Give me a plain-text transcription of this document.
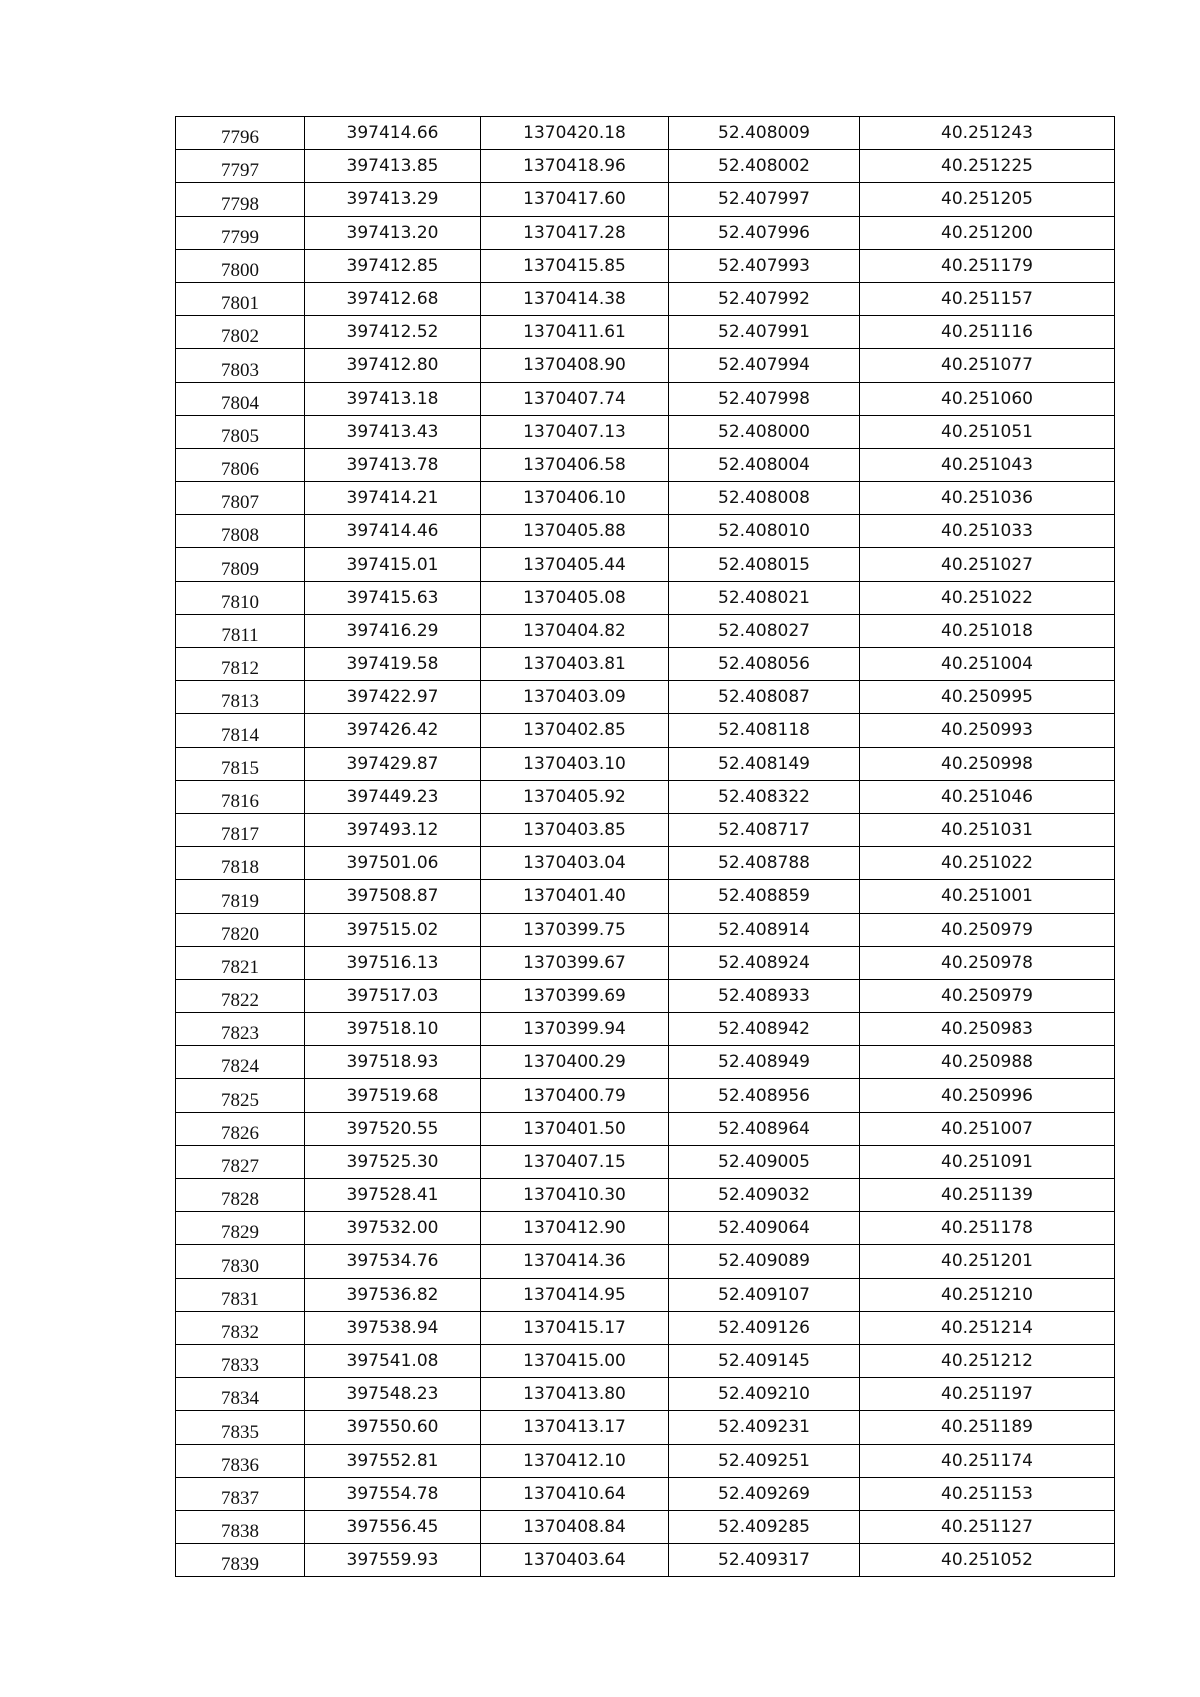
7796	397414.66	1370420.18	52.408009	40.251243
7797	397413.85	1370418.96	52.408002	40.251225
7798	397413.29	1370417.60	52.407997	40.251205
7799	397413.20	1370417.28	52.407996	40.251200
7800	397412.85	1370415.85	52.407993	40.251179
7801	397412.68	1370414.38	52.407992	40.251157
7802	397412.52	1370411.61	52.407991	40.251116
7803	397412.80	1370408.90	52.407994	40.251077
7804	397413.18	1370407.74	52.407998	40.251060
7805	397413.43	1370407.13	52.408000	40.251051
7806	397413.78	1370406.58	52.408004	40.251043
7807	397414.21	1370406.10	52.408008	40.251036
7808	397414.46	1370405.88	52.408010	40.251033
7809	397415.01	1370405.44	52.408015	40.251027
7810	397415.63	1370405.08	52.408021	40.251022
7811	397416.29	1370404.82	52.408027	40.251018
7812	397419.58	1370403.81	52.408056	40.251004
7813	397422.97	1370403.09	52.408087	40.250995
7814	397426.42	1370402.85	52.408118	40.250993
7815	397429.87	1370403.10	52.408149	40.250998
7816	397449.23	1370405.92	52.408322	40.251046
7817	397493.12	1370403.85	52.408717	40.251031
7818	397501.06	1370403.04	52.408788	40.251022
7819	397508.87	1370401.40	52.408859	40.251001
7820	397515.02	1370399.75	52.408914	40.250979
7821	397516.13	1370399.67	52.408924	40.250978
7822	397517.03	1370399.69	52.408933	40.250979
7823	397518.10	1370399.94	52.408942	40.250983
7824	397518.93	1370400.29	52.408949	40.250988
7825	397519.68	1370400.79	52.408956	40.250996
7826	397520.55	1370401.50	52.408964	40.251007
7827	397525.30	1370407.15	52.409005	40.251091
7828	397528.41	1370410.30	52.409032	40.251139
7829	397532.00	1370412.90	52.409064	40.251178
7830	397534.76	1370414.36	52.409089	40.251201
7831	397536.82	1370414.95	52.409107	40.251210
7832	397538.94	1370415.17	52.409126	40.251214
7833	397541.08	1370415.00	52.409145	40.251212
7834	397548.23	1370413.80	52.409210	40.251197
7835	397550.60	1370413.17	52.409231	40.251189
7836	397552.81	1370412.10	52.409251	40.251174
7837	397554.78	1370410.64	52.409269	40.251153
7838	397556.45	1370408.84	52.409285	40.251127
7839	397559.93	1370403.64	52.409317	40.251052
